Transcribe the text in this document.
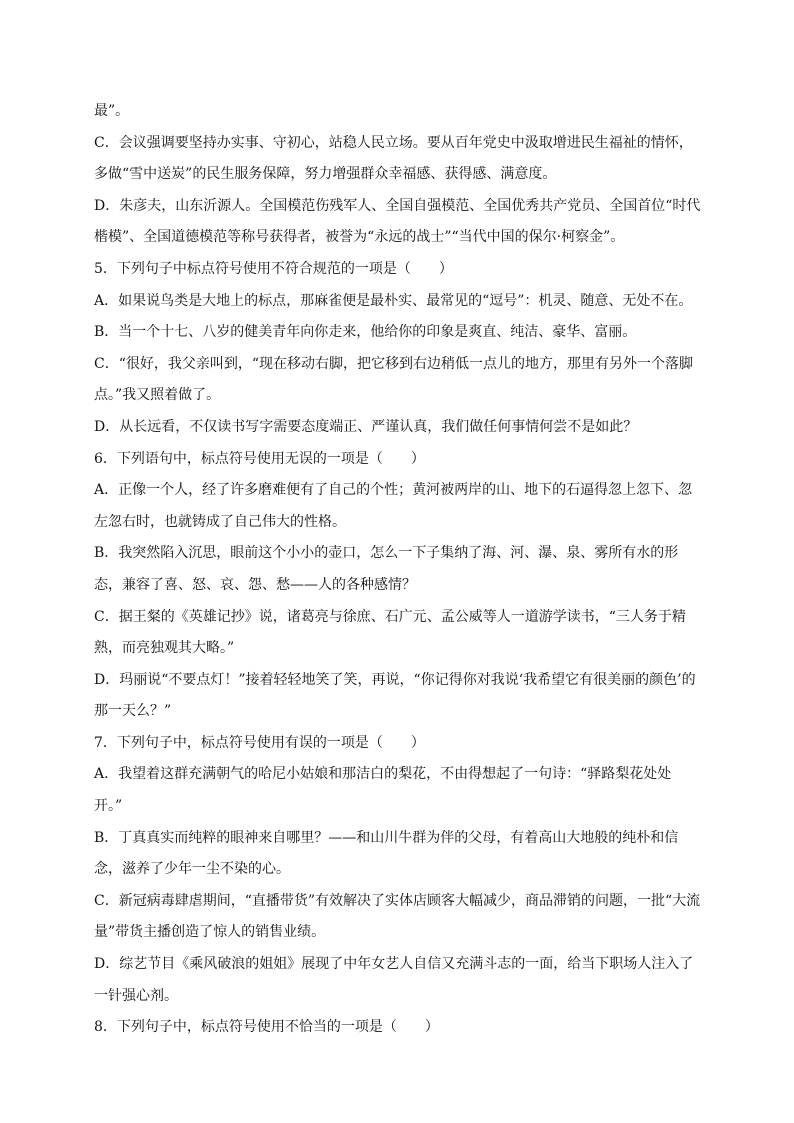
最”。
C．会议强调要坚持办实事、守初心，站稳人民立场。要从百年党史中汲取增进民生福祉的情怀，
多做“雪中送炭”的民生服务保障，努力增强群众幸福感、获得感、满意度。
D．朱彦夫，山东沂源人。全国模范伤残军人、全国自强模范、全国优秀共产党员、全国首位“时代
楷模”、全国道德模范等称号获得者，被誉为“永远的战士”“当代中国的保尔·柯察金”。
5．下列句子中标点符号使用不符合规范的一项是（　　）
A．如果说鸟类是大地上的标点，那麻雀便是最朴实、最常见的“逗号”：机灵、随意、无处不在。
B．当一个十七、八岁的健美青年向你走来，他给你的印象是爽直、纯洁、豪华、富丽。
C．“很好，我父亲叫到，“现在移动右脚，把它移到右边稍低一点儿的地方，那里有另外一个落脚
点。”我又照着做了。
D．从长远看，不仅读书写字需要态度端正、严谨认真，我们做任何事情何尝不是如此？
6．下列语句中，标点符号使用无误的一项是（　　）
A．正像一个人，经了许多磨难便有了自己的个性；黄河被两岸的山、地下的石逼得忽上忽下、忽
左忽右时，也就铸成了自己伟大的性格。
B．我突然陷入沉思，眼前这个小小的壶口，怎么一下子集纳了海、河、瀑、泉、雾所有水的形
态，兼容了喜、怒、哀、怨、愁——人的各种感情？
C．据王粲的《英雄记抄》说，诸葛亮与徐庶、石广元、孟公威等人一道游学读书，“三人务于精
熟，而亮独观其大略。”
D．玛丽说“不要点灯！”接着轻轻地笑了笑，再说，“你记得你对我说‘我希望它有很美丽的颜色’的
那一天么？”
7．下列句子中，标点符号使用有误的一项是（　　）
A．我望着这群充满朝气的哈尼小姑娘和那洁白的梨花，不由得想起了一句诗：“驿路梨花处处
开。”
B．丁真真实而纯粹的眼神来自哪里？——和山川牛群为伴的父母，有着高山大地般的纯朴和信
念，滋养了少年一尘不染的心。
C．新冠病毒肆虐期间，“直播带货”有效解决了实体店顾客大幅减少，商品滞销的问题，一批“大流
量”带货主播创造了惊人的销售业绩。
D．综艺节目《乘风破浪的姐姐》展现了中年女艺人自信又充满斗志的一面，给当下职场人注入了
一针强心剂。
8．下列句子中，标点符号使用不恰当的一项是（　　）
